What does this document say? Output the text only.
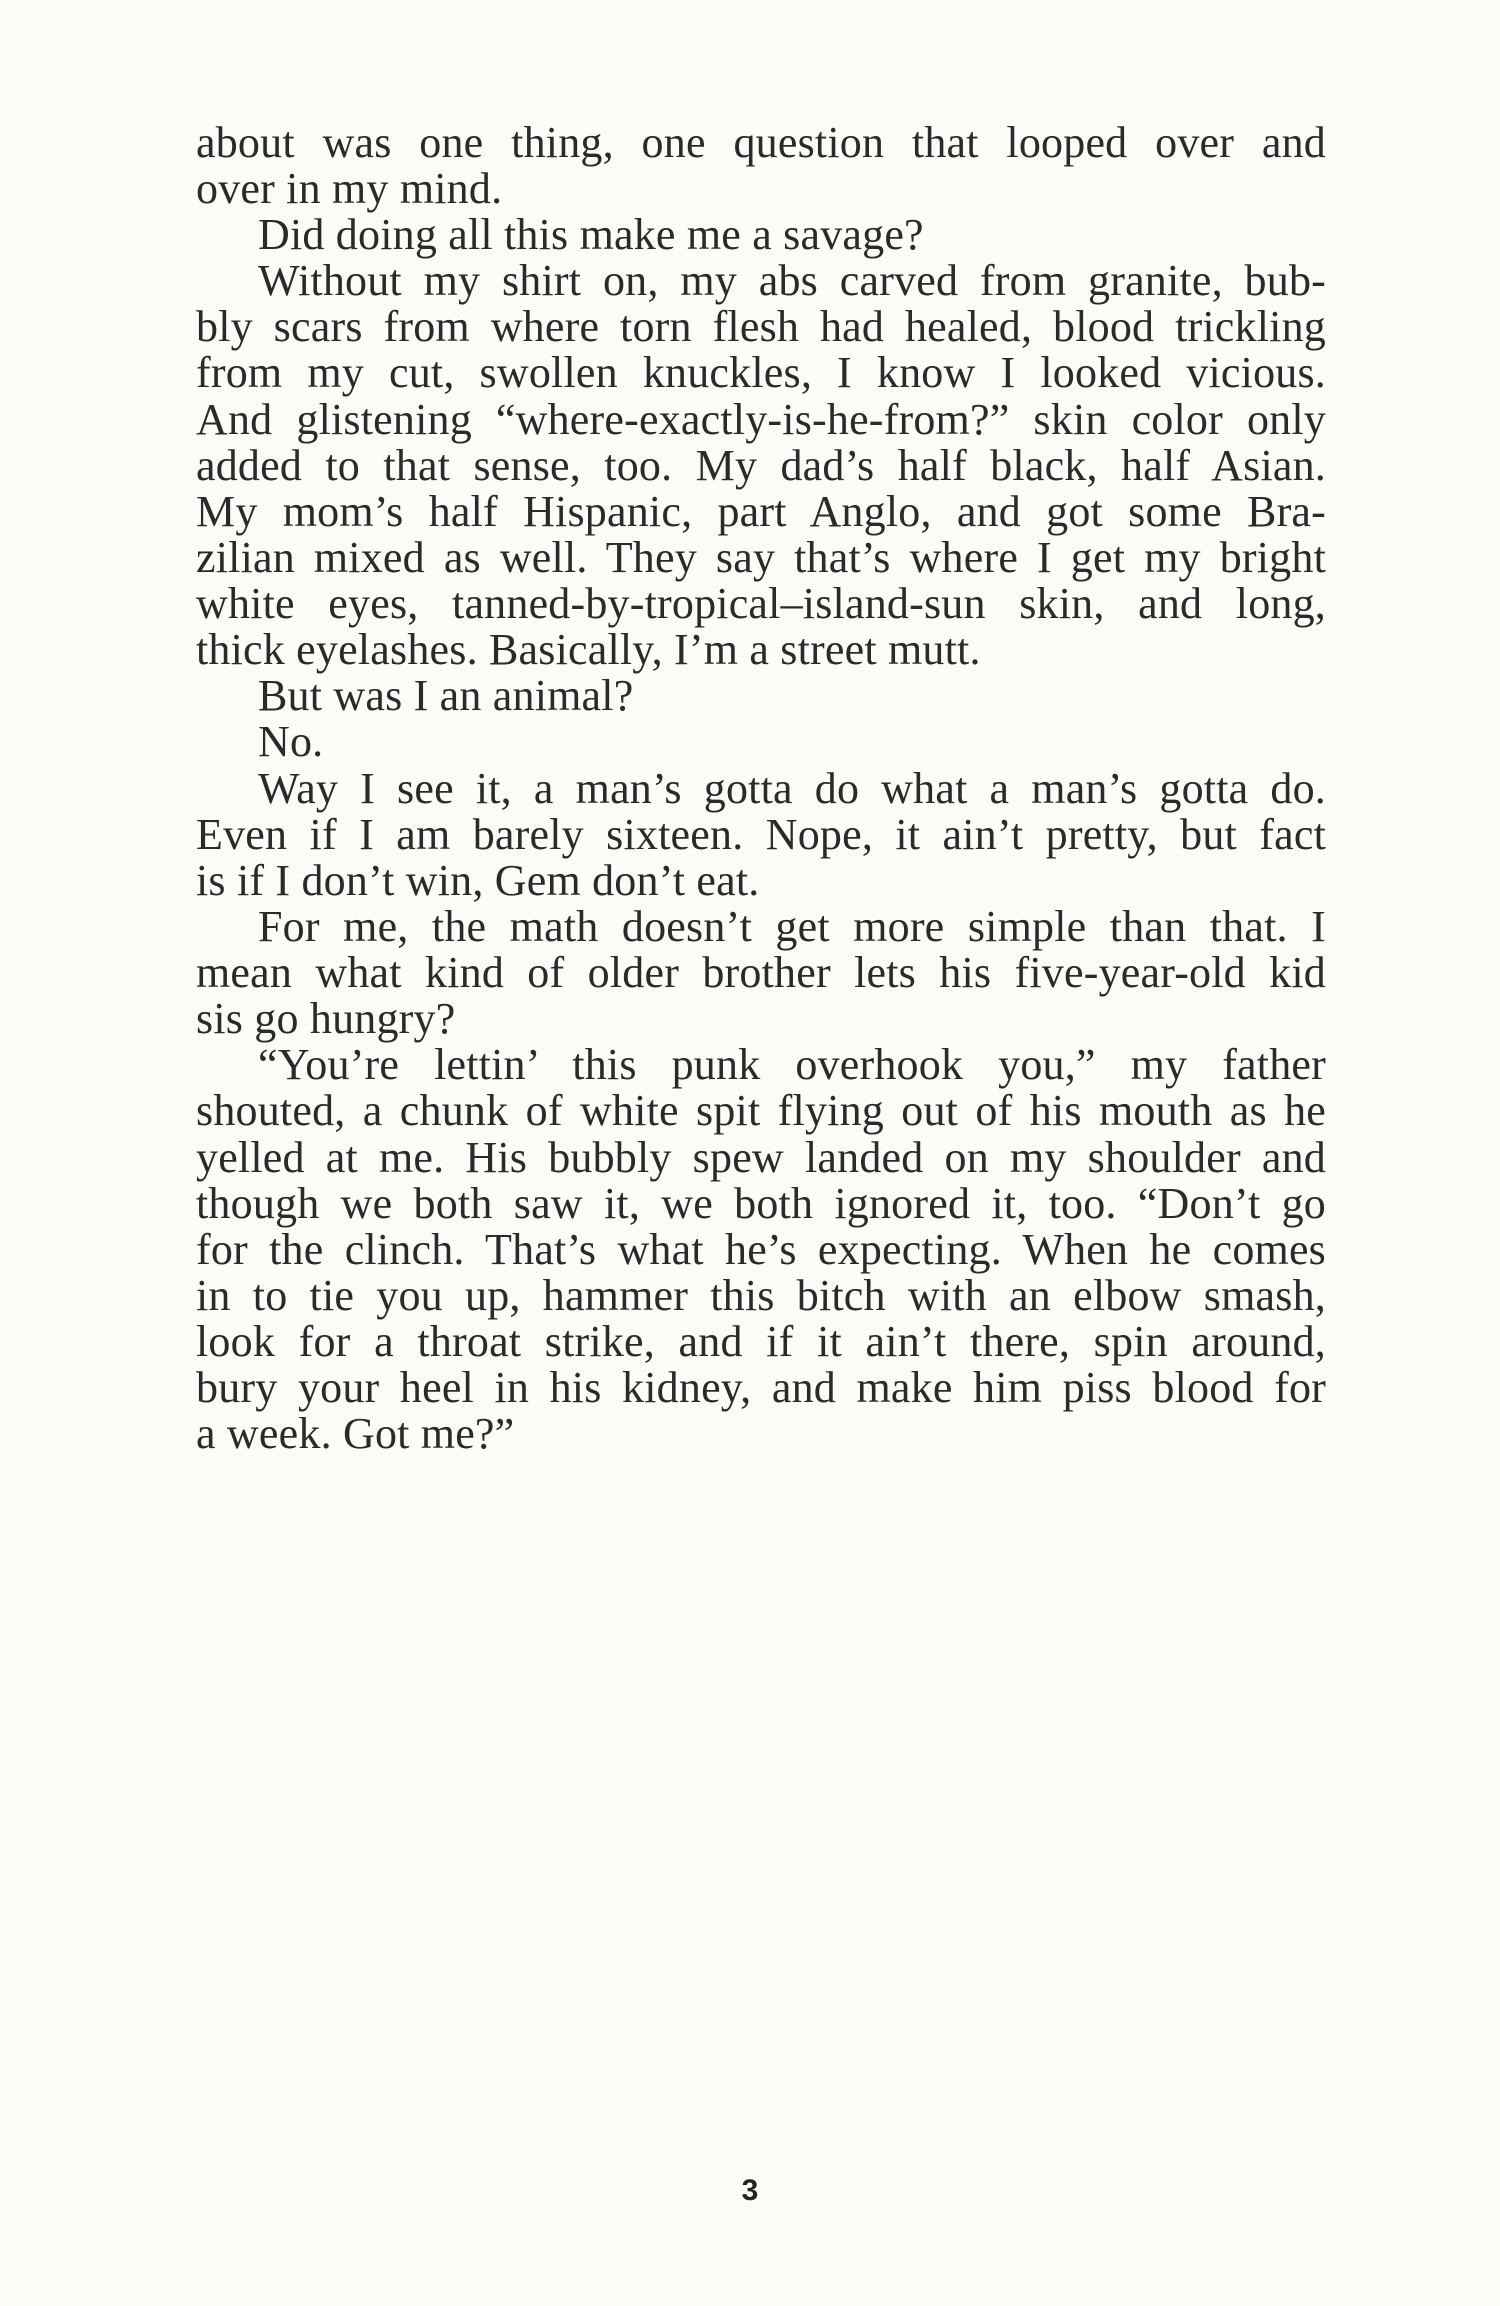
about was one thing, one question that looped over and
over in my mind.
Did doing all this make me a savage?
Without my shirt on, my abs carved from granite, bub-
bly scars from where torn flesh had healed, blood trickling
from my cut, swollen knuckles, I know I looked vicious.
And glistening “where-exactly-is-he-from?” skin color only
added to that sense, too. My dad’s half black, half Asian.
My mom’s half Hispanic, part Anglo, and got some Bra-
zilian mixed as well. They say that’s where I get my bright
white eyes, tanned-by-tropical–island-sun skin, and long,
thick eyelashes. Basically, I’m a street mutt.
But was I an animal?
No.
Way I see it, a man’s gotta do what a man’s gotta do.
Even if I am barely sixteen. Nope, it ain’t pretty, but fact
is if I don’t win, Gem don’t eat.
For me, the math doesn’t get more simple than that. I
mean what kind of older brother lets his five-year-old kid
sis go hungry?
“You’re lettin’ this punk overhook you,” my father
shouted, a chunk of white spit flying out of his mouth as he
yelled at me. His bubbly spew landed on my shoulder and
though we both saw it, we both ignored it, too. “Don’t go
for the clinch. That’s what he’s expecting. When he comes
in to tie you up, hammer this bitch with an elbow smash,
look for a throat strike, and if it ain’t there, spin around,
bury your heel in his kidney, and make him piss blood for
a week. Got me?”
3
